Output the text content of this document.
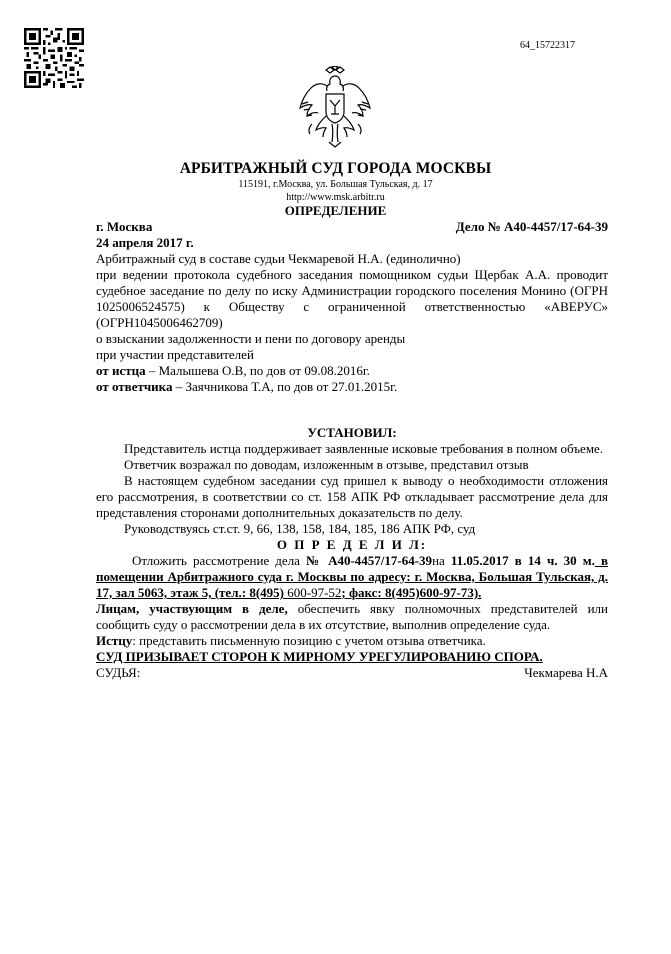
64_15722317
АРБИТРАЖНЫЙ СУД ГОРОДА МОСКВЫ
115191, г.Москва, ул. Большая Тульская, д. 17
http://www.msk.arbitr.ru
ОПРЕДЕЛЕНИЕ
г. Москва	Дело № А40-4457/17-64-39

24 апреля 2017 г.

Арбитражный суд в составе судьи Чекмаревой Н.А. (единолично)

при ведении протокола судебного заседания помощником судьи Щербак А.А. проводит судебное заседание по делу по иску Администрации городского поселения Монино (ОГРН 1025006524575) к Обществу с ограниченной ответственностью «АВЕРУС» (ОГРН1045006462709)

о взыскании задолженности и пени по договору аренды

при участии представителей

от истца – Малышева О.В, по дов от 09.08.2016г.

от ответчика – Заячникова Т.А, по дов от 27.01.2015г.

УСТАНОВИЛ:

Представитель истца поддерживает заявленные исковые требования в полном объеме.

Ответчик возражал по доводам, изложенным в отзыве, представил отзыв

В настоящем судебном заседании суд пришел к выводу о необходимости отложения его рассмотрения, в соответствии со ст. 158 АПК РФ откладывает рассмотрение дела для представления сторонами дополнительных доказательств по делу.

Руководствуясь ст.ст. 9, 66, 138, 158, 184, 185, 186 АПК РФ, суд

О П Р Е Д Е Л И Л:

Отложить рассмотрение дела № А40-4457/17-64-39на 11.05.2017 в 14 ч. 30 м. в помещении Арбитражного суда г. Москвы по адресу: г. Москва, Большая Тульская, д. 17, зал 5063, этаж 5, (тел.: 8(495) 600-97-52; факс: 8(495)600-97-73).

Лицам, участвующим в деле, обеспечить явку полномочных представителей или сообщить суду о рассмотрении дела в их отсутствие, выполнив определение суда.

Истцу: представить письменную позицию с учетом отзыва ответчика.

СУД ПРИЗЫВАЕТ СТОРОН К МИРНОМУ УРЕГУЛИРОВАНИЮ СПОРА.

СУДЬЯ:	Чекмарева Н.А
